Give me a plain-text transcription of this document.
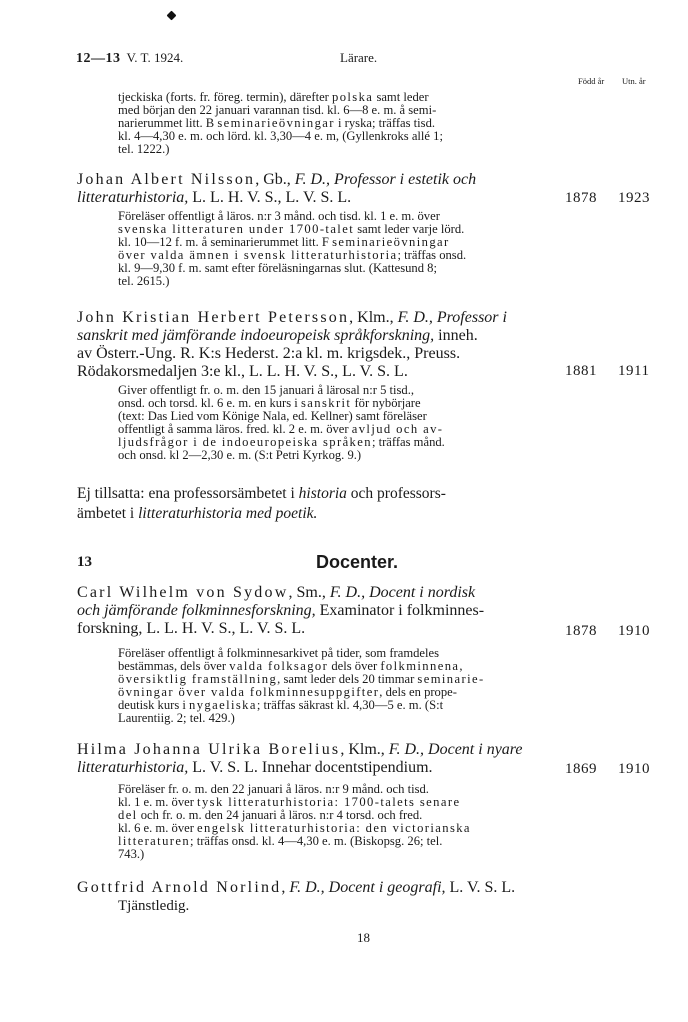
12—13 V. T. 1924.	Lärare.
Född år Utn. år
tjeckiska (forts. fr. föreg. termin), därefter polska samt leder
med början den 22 januari varannan tisd. kl. 6—8 e. m. å semi-
narierummet litt. B seminarieövningar i ryska; träffas tisd.
kl. 4—4,30 e. m. och lörd. kl. 3,30—4 e. m, (Gyllenkroks allé 1;
tel. 1222.)
Johan Albert Nilsson, Gb., F. D., Professor i estetik och
litteraturhistoria, L. L. H. V. S., L. V. S. L.	1878 1923
Föreläser offentligt å läros. n:r 3 månd. och tisd. kl. 1 e. m. över
svenska litteraturen under 1700-talet samt leder varje lörd.
kl. 10—12 f. m. å seminarierummet litt. F seminarieövningar
över valda ämnen i svensk litteraturhistoria; träffas onsd.
kl. 9—9,30 f. m. samt efter föreläsningarnas slut. (Kattesund 8;
tel. 2615.)
John Kristian Herbert Petersson, Klm., F. D., Professor i
sanskrit med jämförande indoeuropeisk språkforskning, inneh.
av Österr.-Ung. R. K:s Hederst. 2:a kl. m. krigsdek., Preuss.
Rödakorsmedaljen 3:e kl., L. L. H. V. S., L. V. S. L.	1881 1911
Giver offentligt fr. o. m. den 15 januari å lärosal n:r 5 tisd.,
onsd. och torsd. kl. 6 e. m. en kurs i sanskrit för nybörjare
(text: Das Lied vom Könige Nala, ed. Kellner) samt föreläser
offentligt å samma läros. fred. kl. 2 e. m. över avljud och av-
ljudsfrågor i de indoeuropeiska språken; träffas månd.
och onsd. kl 2—2,30 e. m. (S:t Petri Kyrkog. 9.)
Ej tillsatta: ena professorsämbetet i historia och professors-
ämbetet i litteraturhistoria med poetik.
13	Docenter.
Carl Wilhelm von Sydow, Sm., F. D., Docent i nordisk
och jämförande folkminnesforskning, Examinator i folkminnes-
forskning, L. L. H. V. S., L. V. S. L.	1878 1910
Föreläser offentligt å folkminnesarkivet på tider, som framdeles
bestämmas, dels över valda folksagor dels över folkminnena,
översiktlig framställning, samt leder dels 20 timmar seminarie-
övningar över valda folkminnesuppgifter, dels en prope-
deutisk kurs i nygaeliska; träffas säkrast kl. 4,30—5 e. m. (S:t
Laurentiig. 2; tel. 429.)
Hilma Johanna Ulrika Borelius, Klm., F. D., Docent i nyare
litteraturhistoria, L. V. S. L. Innehar docentstipendium.	1869 1910
Föreläser fr. o. m. den 22 januari å läros. n:r 9 månd. och tisd.
kl. 1 e. m. över tysk litteraturhistoria: 1700-talets senare
del och fr. o. m. den 24 januari å läros. n:r 4 torsd. och fred.
kl. 6 e. m. över engelsk litteraturhistoria: den victorianska
litteraturen; träffas onsd. kl. 4—4,30 e. m. (Biskopsg. 26; tel.
743.)
Gottfrid Arnold Norlind, F. D., Docent i geografi, L. V. S. L.
Tjänstledig.
18
